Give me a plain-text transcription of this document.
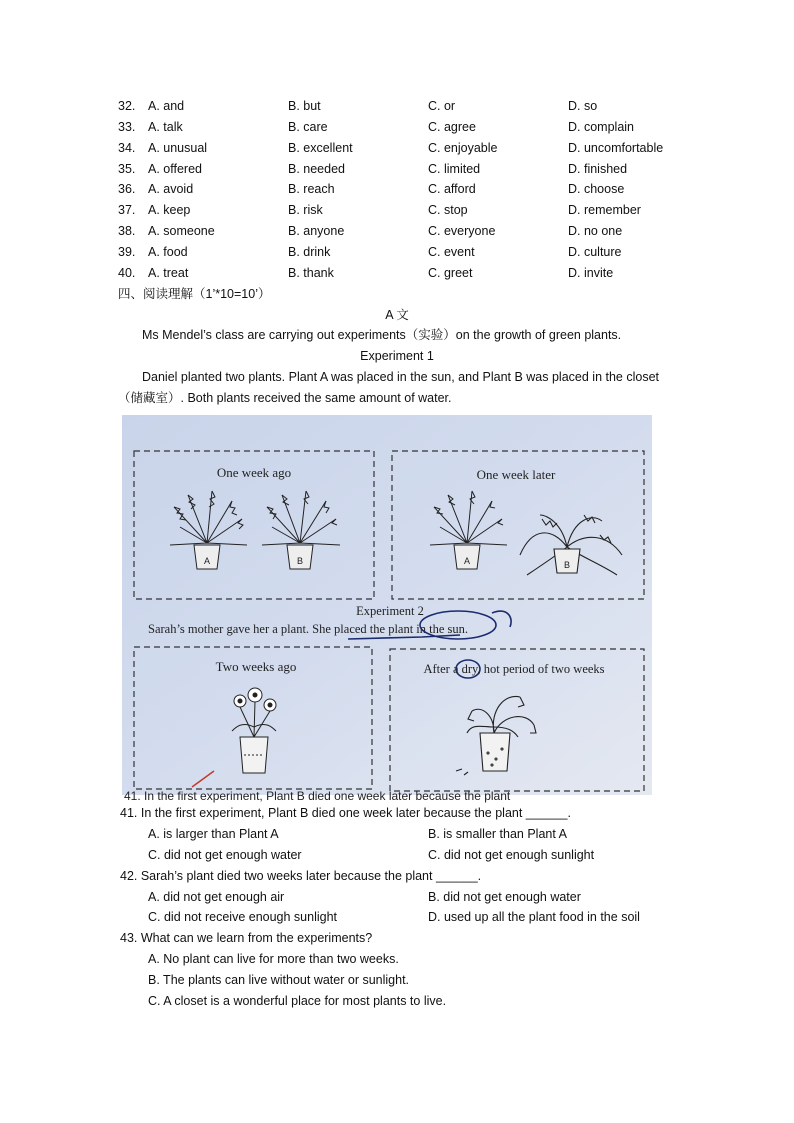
32. A. and	B. but	C. or	D. so
33. A. talk	B. care	C. agree	D. complain
34. A. unusual	B. excellent	C. enjoyable	D. uncomfortable
35. A. offered	B. needed	C. limited	D. finished
36. A. avoid	B. reach	C. afford	D. choose
37. A. keep	B. risk	C. stop	D. remember
38. A. someone	B. anyone	C. everyone	D. no one
39. A. food	B. drink	C. event	D. culture
40. A. treat	B. thank	C. greet	D. invite
四、阅读理解（1’*10=10’）
A 文
Ms Mendel’s class are carrying out experiments（实验）on the growth of green plants.
Experiment 1
Daniel planted two plants. Plant A was placed in the sun, and Plant B was placed in the closet
（储藏室）. Both plants received the same amount of water.
One week ago
A	B
One week later
A	B
Experiment 2
Sarah’s mother gave her a plant. She placed the plant in the sun.
Two weeks ago	After a dry, hot period of two weeks
41. In the first experiment, Plant B died one week later because the plant
41. In the first experiment, Plant B died one week later because the plant ______.
A. is larger than Plant A	B. is smaller than Plant A
C. did not get enough water	C. did not get enough sunlight
42. Sarah’s plant died two weeks later because the plant ______.
A. did not get enough air	B. did not get enough water
C. did not receive enough sunlight	D. used up all the plant food in the soil
43. What can we learn from the experiments?
A. No plant can live for more than two weeks.
B. The plants can live without water or sunlight.
C. A closet is a wonderful place for most plants to live.
